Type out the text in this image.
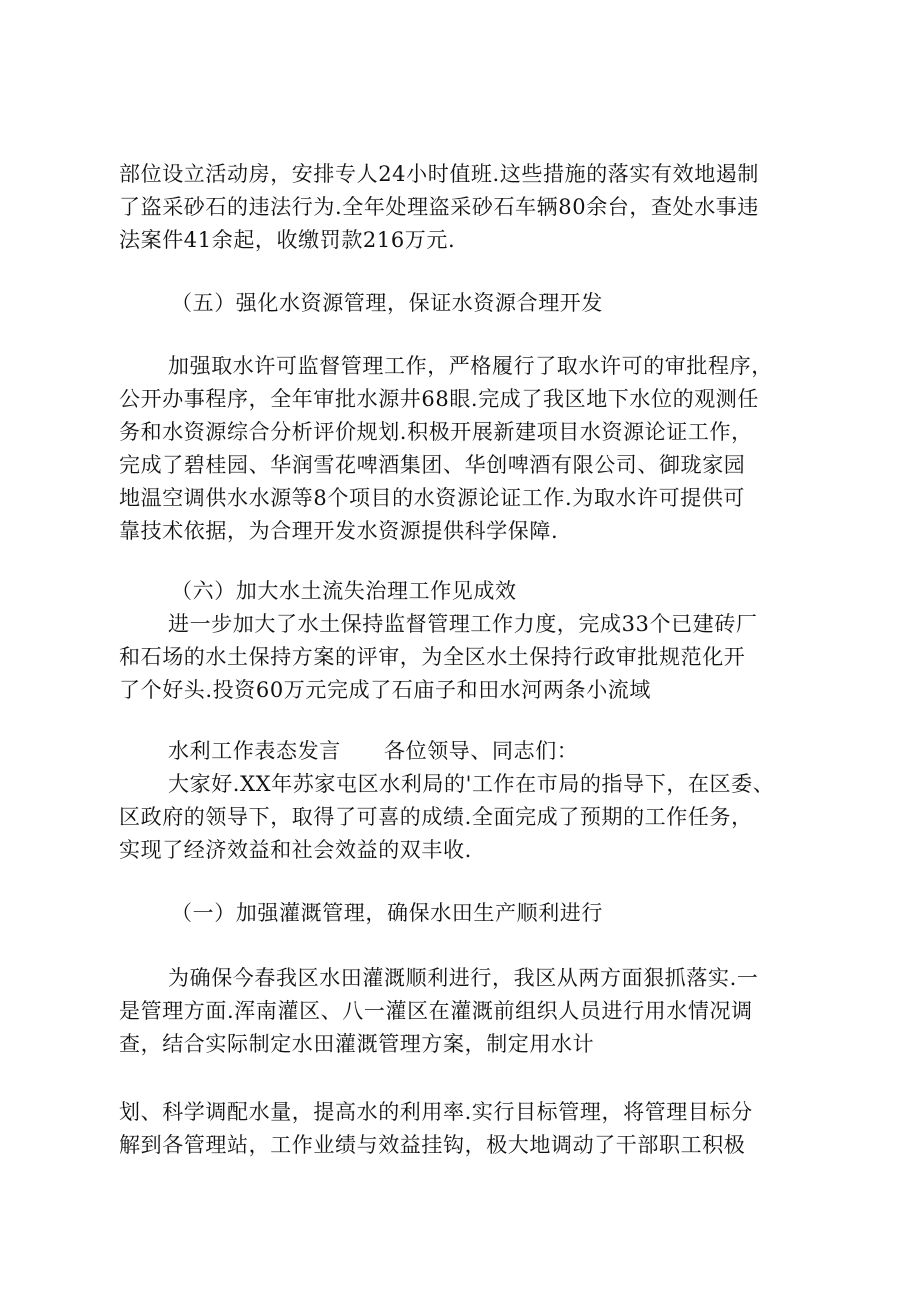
部位设立活动房，安排专人24小时值班.这些措施的落实有效地遏制
了盗采砂石的违法行为.全年处理盗采砂石车辆80余台，查处水事违
法案件41余起，收缴罚款216万元.
（五）强化水资源管理，保证水资源合理开发
加强取水许可监督管理工作，严格履行了取水许可的审批程序，
公开办事程序，全年审批水源井68眼.完成了我区地下水位的观测任
务和水资源综合分析评价规划.积极开展新建项目水资源论证工作，
完成了碧桂园、华润雪花啤酒集团、华创啤酒有限公司、御珑家园
地温空调供水水源等8个项目的水资源论证工作.为取水许可提供可
靠技术依据，为合理开发水资源提供科学保障.
（六）加大水土流失治理工作见成效
进一步加大了水土保持监督管理工作力度，完成33个已建砖厂
和石场的水土保持方案的评审，为全区水土保持行政审批规范化开
了个好头.投资60万元完成了石庙子和田水河两条小流域
水利工作表态发言　　各位领导、同志们：
大家好.XX年苏家屯区水利局的'工作在市局的指导下，在区委、
区政府的领导下，取得了可喜的成绩.全面完成了预期的工作任务，
实现了经济效益和社会效益的双丰收.
（一）加强灌溉管理，确保水田生产顺利进行
为确保今春我区水田灌溉顺利进行，我区从两方面狠抓落实.一
是管理方面.浑南灌区、八一灌区在灌溉前组织人员进行用水情况调
查，结合实际制定水田灌溉管理方案，制定用水计
划、科学调配水量，提高水的利用率.实行目标管理，将管理目标分
解到各管理站，工作业绩与效益挂钩，极大地调动了干部职工积极
